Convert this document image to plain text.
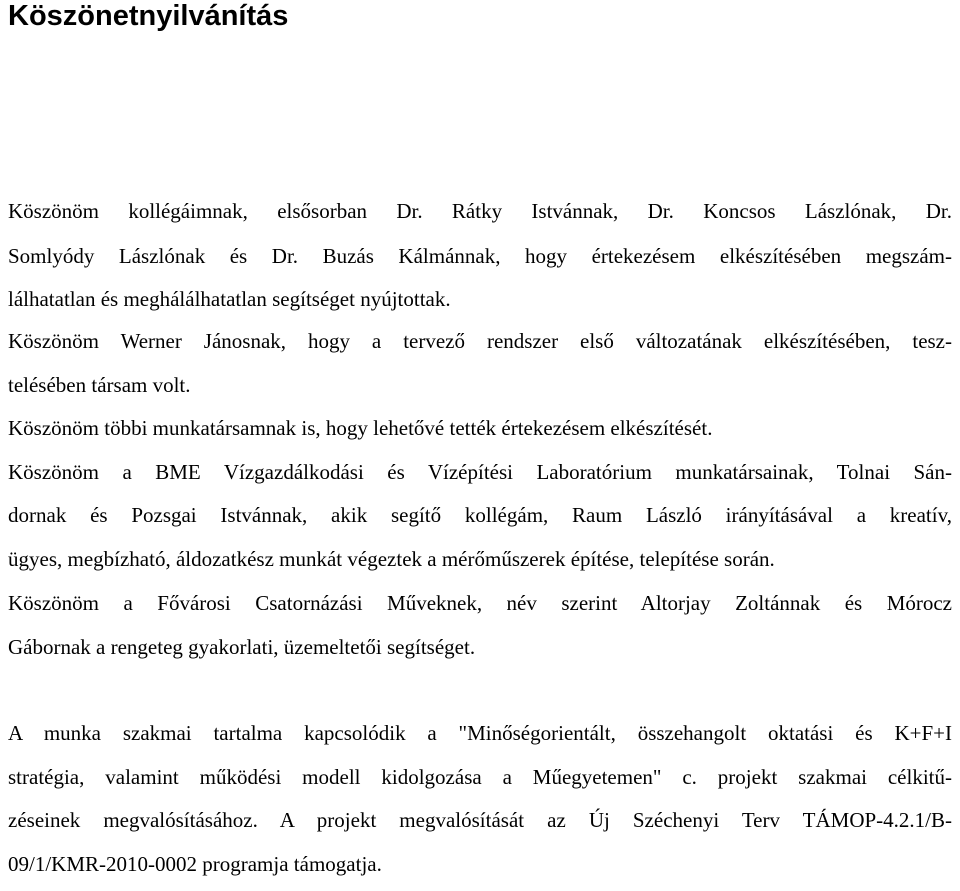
Köszönetnyilvánítás
Köszönöm kollégáimnak, elsősorban Dr. Rátky Istvánnak, Dr. Koncsos Lászlónak, Dr.
Somlyódy Lászlónak és Dr. Buzás Kálmánnak, hogy értekezésem elkészítésében megszám-
lálhatatlan és meghálálhatatlan segítséget nyújtottak.
Köszönöm Werner Jánosnak, hogy a tervező rendszer első változatának elkészítésében, tesz-
telésében társam volt.
Köszönöm többi munkatársamnak is, hogy lehetővé tették értekezésem elkészítését.
Köszönöm a BME Vízgazdálkodási és Vízépítési Laboratórium munkatársainak, Tolnai Sán-
dornak és Pozsgai Istvánnak, akik segítő kollégám, Raum László irányításával a kreatív,
ügyes, megbízható, áldozatkész munkát végeztek a mérőműszerek építése, telepítése során.
Köszönöm a Fővárosi Csatornázási Műveknek, név szerint Altorjay Zoltánnak és Mórocz
Gábornak a rengeteg gyakorlati, üzemeltetői segítséget.
A munka szakmai tartalma kapcsolódik a "Minőségorientált, összehangolt oktatási és K+F+I
stratégia, valamint működési modell kidolgozása a Műegyetemen" c. projekt szakmai célkitű-
zéseinek megvalósításához. A projekt megvalósítását az Új Széchenyi Terv TÁMOP-4.2.1/B-
09/1/KMR-2010-0002 programja támogatja.
